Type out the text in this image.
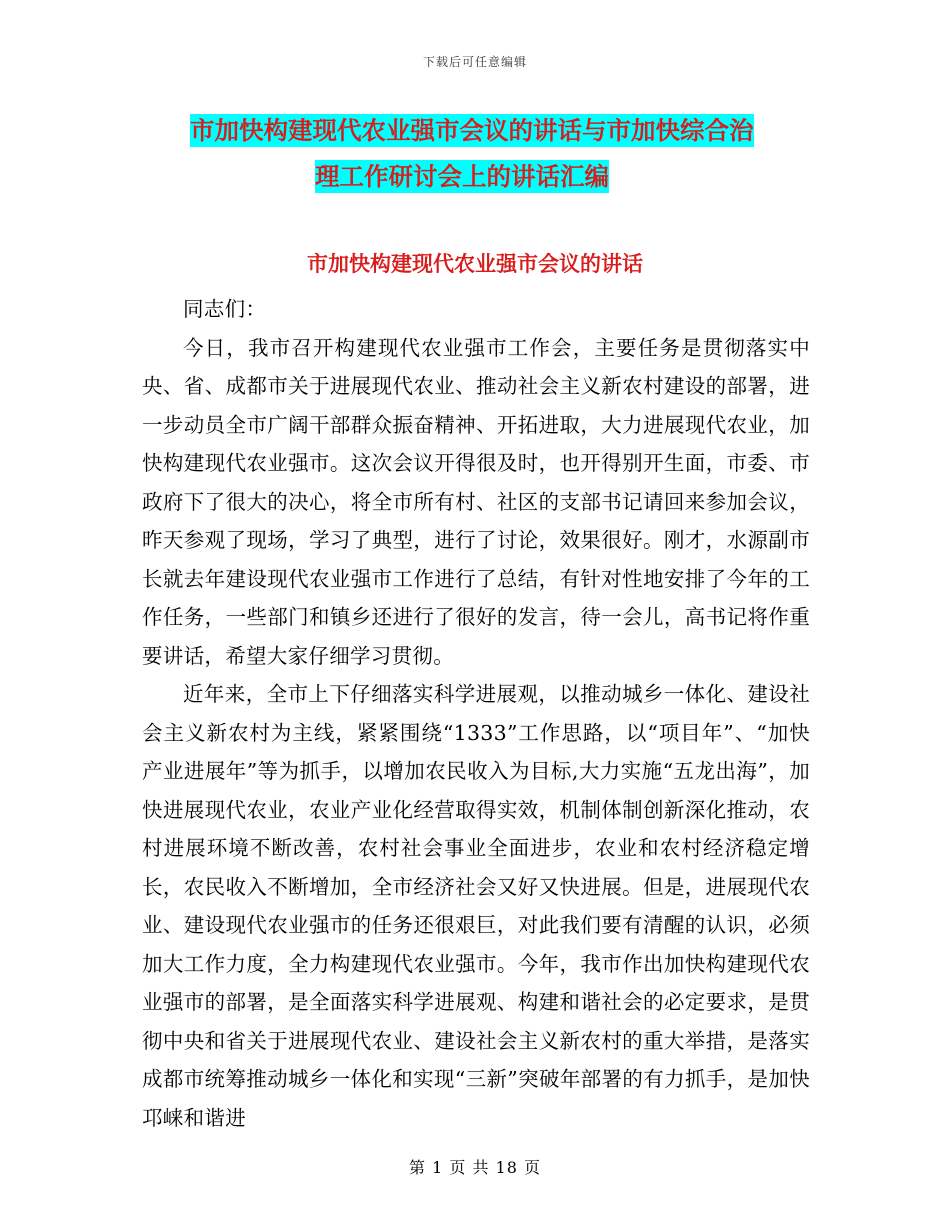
下载后可任意编辑
市加快构建现代农业强市会议的讲话与市加快综合治
理工作研讨会上的讲话汇编
市加快构建现代农业强市会议的讲话

同志们：

今日，我市召开构建现代农业强市工作会，主要任务是贯彻落实中央、省、成都市关于进展现代农业、推动社会主义新农村建设的部署，进一步动员全市广阔干部群众振奋精神、开拓进取，大力进展现代农业，加快构建现代农业强市。这次会议开得很及时，也开得别开生面，市委、市政府下了很大的决心，将全市所有村、社区的支部书记请回来参加会议，昨天参观了现场，学习了典型，进行了讨论，效果很好。刚才，水源副市长就去年建设现代农业强市工作进行了总结，有针对性地安排了今年的工作任务，一些部门和镇乡还进行了很好的发言，待一会儿，高书记将作重要讲话，希望大家仔细学习贯彻。

近年来，全市上下仔细落实科学进展观，以推动城乡一体化、建设社会主义新农村为主线，紧紧围绕“1333”工作思路，以“项目年”、“加快产业进展年”等为抓手，以增加农民收入为目标,大力实施“五龙出海”，加快进展现代农业，农业产业化经营取得实效，机制体制创新深化推动，农村进展环境不断改善，农村社会事业全面进步，农业和农村经济稳定增长，农民收入不断增加，全市经济社会又好又快进展。但是，进展现代农业、建设现代农业强市的任务还很艰巨，对此我们要有清醒的认识，必须加大工作力度，全力构建现代农业强市。今年，我市作出加快构建现代农业强市的部署，是全面落实科学进展观、构建和谐社会的必定要求，是贯彻中央和省关于进展现代农业、建设社会主义新农村的重大举措，是落实成都市统筹推动城乡一体化和实现“三新”突破年部署的有力抓手，是加快邛崃和谐进

第 1 页 共 18 页
